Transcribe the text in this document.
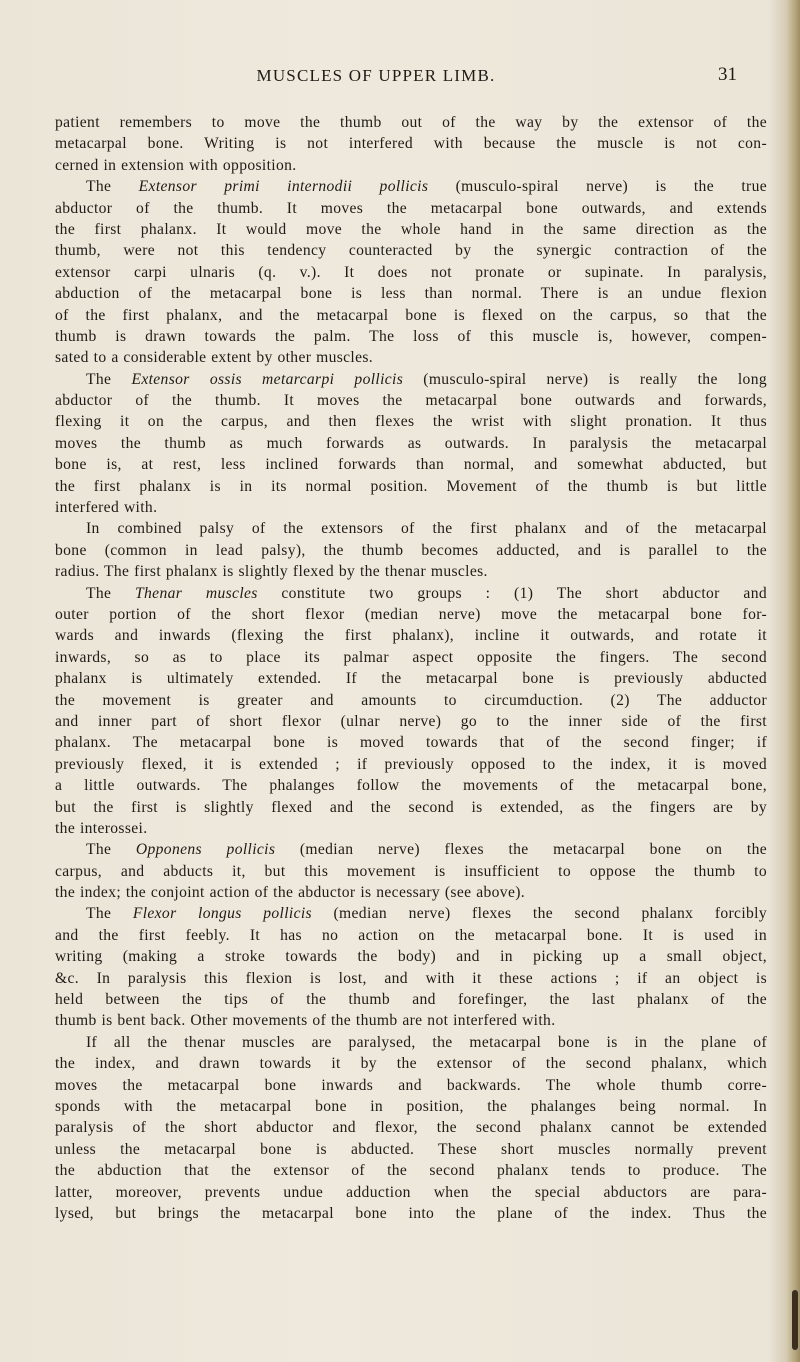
MUSCLES OF UPPER LIMB.	31
patient remembers to move the thumb out of the way by the extensor of the
metacarpal bone. Writing is not interfered with because the muscle is not con-
cerned in extension with opposition.
The Extensor primi internodii pollicis (musculo-spiral nerve) is the true
abductor of the thumb. It moves the metacarpal bone outwards, and extends
the first phalanx. It would move the whole hand in the same direction as the
thumb, were not this tendency counteracted by the synergic contraction of the
extensor carpi ulnaris (q. v.). It does not pronate or supinate. In paralysis,
abduction of the metacarpal bone is less than normal. There is an undue flexion
of the first phalanx, and the metacarpal bone is flexed on the carpus, so that the
thumb is drawn towards the palm. The loss of this muscle is, however, compen-
sated to a considerable extent by other muscles.
The Extensor ossis metarcarpi pollicis (musculo-spiral nerve) is really the long
abductor of the thumb. It moves the metacarpal bone outwards and forwards,
flexing it on the carpus, and then flexes the wrist with slight pronation. It thus
moves the thumb as much forwards as outwards. In paralysis the metacarpal
bone is, at rest, less inclined forwards than normal, and somewhat abducted, but
the first phalanx is in its normal position. Movement of the thumb is but little
interfered with.
In combined palsy of the extensors of the first phalanx and of the metacarpal
bone (common in lead palsy), the thumb becomes adducted, and is parallel to the
radius. The first phalanx is slightly flexed by the thenar muscles.
The Thenar muscles constitute two groups : (1) The short abductor and
outer portion of the short flexor (median nerve) move the metacarpal bone for-
wards and inwards (flexing the first phalanx), incline it outwards, and rotate it
inwards, so as to place its palmar aspect opposite the fingers. The second
phalanx is ultimately extended. If the metacarpal bone is previously abducted
the movement is greater and amounts to circumduction. (2) The adductor
and inner part of short flexor (ulnar nerve) go to the inner side of the first
phalanx. The metacarpal bone is moved towards that of the second finger; if
previously flexed, it is extended ; if previously opposed to the index, it is moved
a little outwards. The phalanges follow the movements of the metacarpal bone,
but the first is slightly flexed and the second is extended, as the fingers are by
the interossei.
The Opponens pollicis (median nerve) flexes the metacarpal bone on the
carpus, and abducts it, but this movement is insufficient to oppose the thumb to
the index; the conjoint action of the abductor is necessary (see above).
The Flexor longus pollicis (median nerve) flexes the second phalanx forcibly
and the first feebly. It has no action on the metacarpal bone. It is used in
writing (making a stroke towards the body) and in picking up a small object,
&c. In paralysis this flexion is lost, and with it these actions ; if an object is
held between the tips of the thumb and forefinger, the last phalanx of the
thumb is bent back. Other movements of the thumb are not interfered with.
If all the thenar muscles are paralysed, the metacarpal bone is in the plane of
the index, and drawn towards it by the extensor of the second phalanx, which
moves the metacarpal bone inwards and backwards. The whole thumb corre-
sponds with the metacarpal bone in position, the phalanges being normal. In
paralysis of the short abductor and flexor, the second phalanx cannot be extended
unless the metacarpal bone is abducted. These short muscles normally prevent
the abduction that the extensor of the second phalanx tends to produce. The
latter, moreover, prevents undue adduction when the special abductors are para-
lysed, but brings the metacarpal bone into the plane of the index. Thus the
